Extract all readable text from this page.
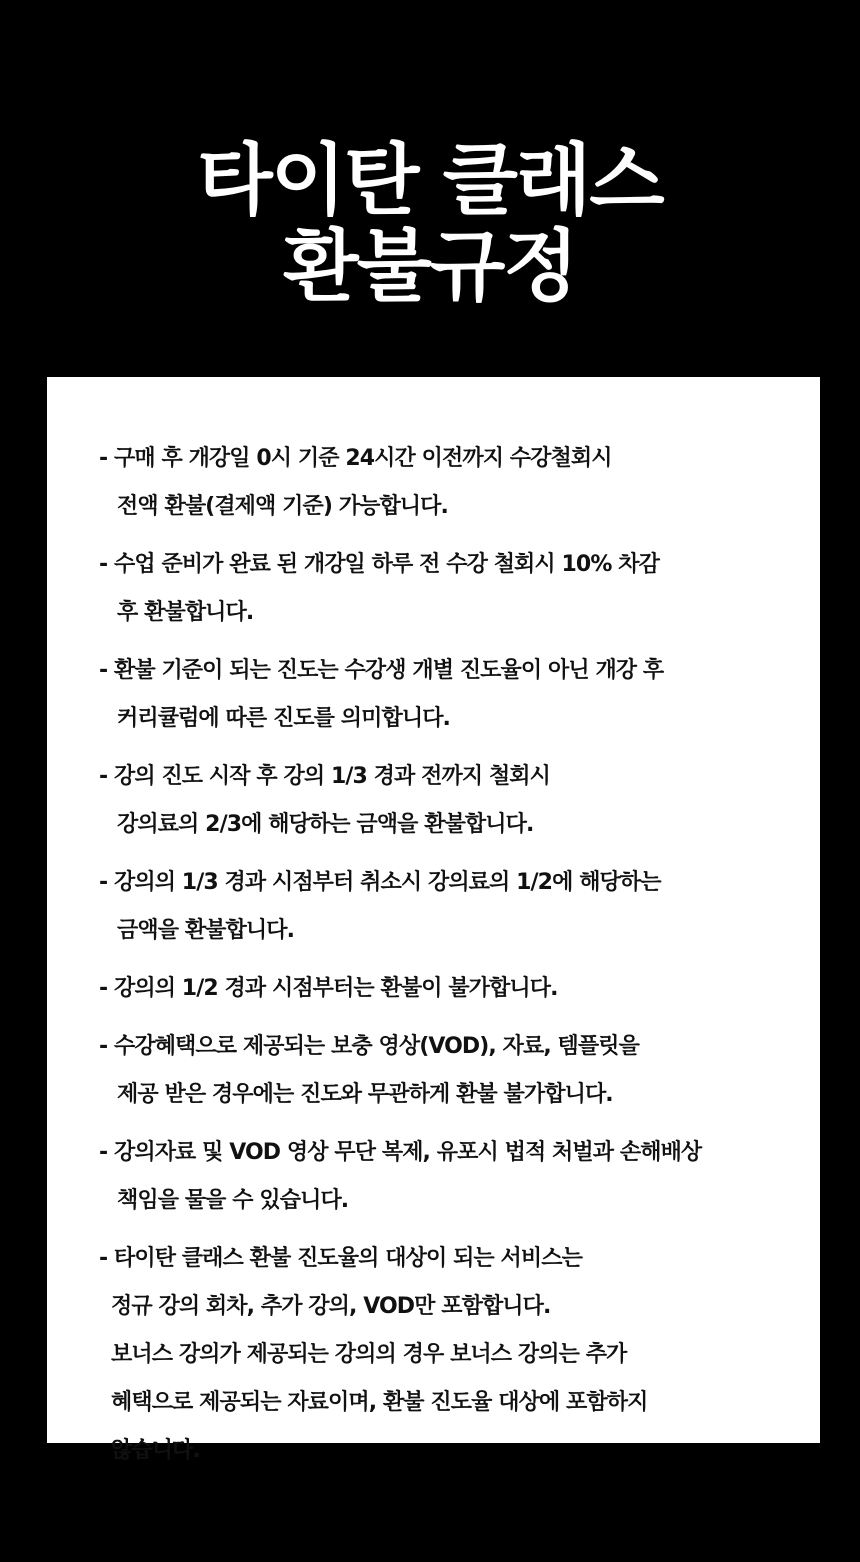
타이탄 클래스
환불규정
- 구매 후 개강일 0시 기준 24시간 이전까지 수강철회시
전액 환불(결제액 기준) 가능합니다.
- 수업 준비가 완료 된 개강일 하루 전 수강 철회시 10% 차감
후 환불합니다.
- 환불 기준이 되는 진도는 수강생 개별 진도율이 아닌 개강 후
커리큘럼에 따른 진도를 의미합니다.
- 강의 진도 시작 후 강의 1/3 경과 전까지 철회시
강의료의 2/3에 해당하는 금액을 환불합니다.
- 강의의 1/3 경과 시점부터 취소시 강의료의 1/2에 해당하는
금액을 환불합니다.
- 강의의 1/2 경과 시점부터는 환불이 불가합니다.
- 수강혜택으로 제공되는 보충 영상(VOD), 자료, 템플릿을
제공 받은 경우에는 진도와 무관하게 환불 불가합니다.
- 강의자료 및 VOD 영상 무단 복제, 유포시 법적 처벌과 손해배상
책임을 물을 수 있습니다.
- 타이탄 클래스 환불 진도율의 대상이 되는 서비스는
정규 강의 회차, 추가 강의, VOD만 포함합니다.
보너스 강의가 제공되는 강의의 경우 보너스 강의는 추가
혜택으로 제공되는 자료이며, 환불 진도율 대상에 포함하지
않습니다.
